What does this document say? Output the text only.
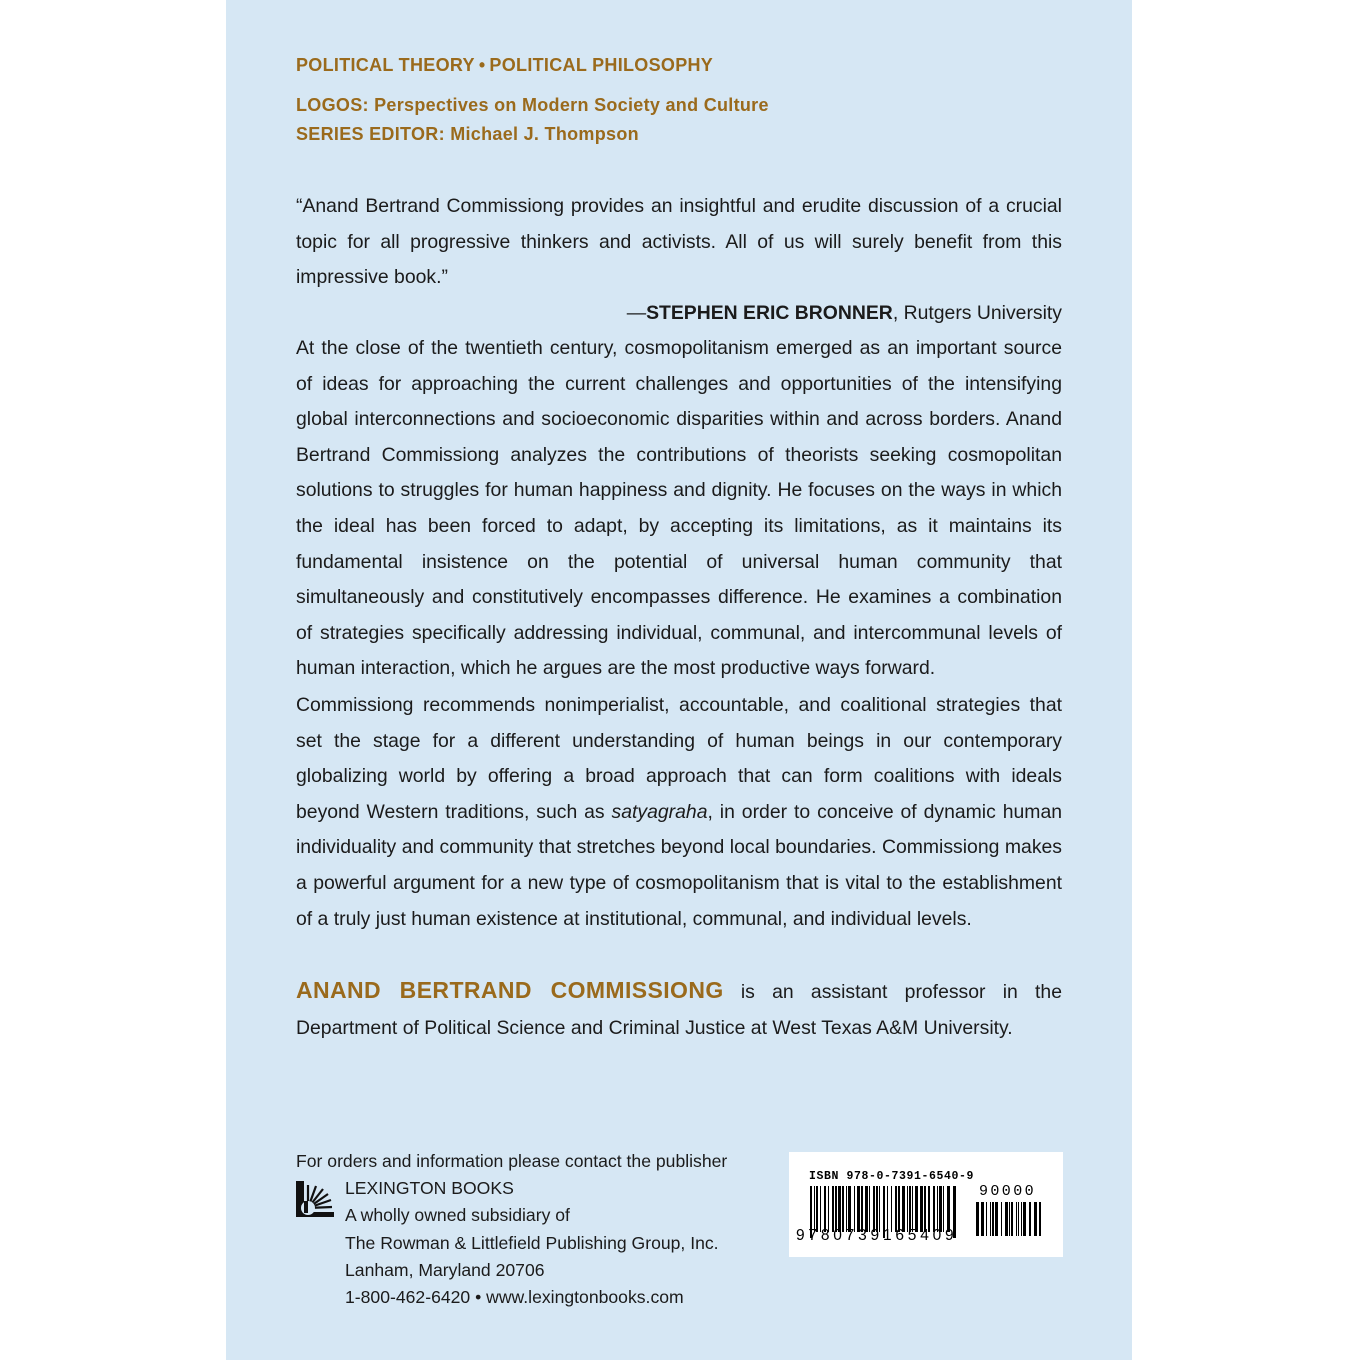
POLITICAL THEORY • POLITICAL PHILOSOPHY
LOGOS: Perspectives on Modern Society and Culture
SERIES EDITOR: Michael J. Thompson
“Anand Bertrand Commissiong provides an insightful and erudite discussion of a crucial topic for all progressive thinkers and activists. All of us will surely benefit from this impressive book.”
—STEPHEN ERIC BRONNER, Rutgers University
At the close of the twentieth century, cosmopolitanism emerged as an important source of ideas for approaching the current challenges and opportunities of the intensifying global interconnections and socioeconomic disparities within and across borders. Anand Bertrand Commissiong analyzes the contributions of theorists seeking cosmopolitan solutions to struggles for human happiness and dignity. He focuses on the ways in which the ideal has been forced to adapt, by accepting its limitations, as it maintains its fundamental insistence on the potential of universal human community that simultaneously and constitutively encompasses difference. He examines a combination of strategies specifically addressing individual, communal, and intercommunal levels of human interaction, which he argues are the most productive ways forward.
Commissiong recommends nonimperialist, accountable, and coalitional strategies that set the stage for a different understanding of human beings in our contemporary globalizing world by offering a broad approach that can form coalitions with ideals beyond Western traditions, such as satyagraha, in order to conceive of dynamic human individuality and community that stretches beyond local boundaries. Commissiong makes a powerful argument for a new type of cosmopolitanism that is vital to the establishment of a truly just human existence at institutional, communal, and individual levels.
ANAND BERTRAND COMMISSIONG is an assistant professor in the Department of Political Science and Criminal Justice at West Texas A&M University.
For orders and information please contact the publisher
LEXINGTON BOOKS
A wholly owned subsidiary of
The Rowman & Littlefield Publishing Group, Inc.
Lanham, Maryland 20706
1-800-462-6420 • www.lexingtonbooks.com
ISBN 978-0-7391-6540-9
90000
9780739165409
